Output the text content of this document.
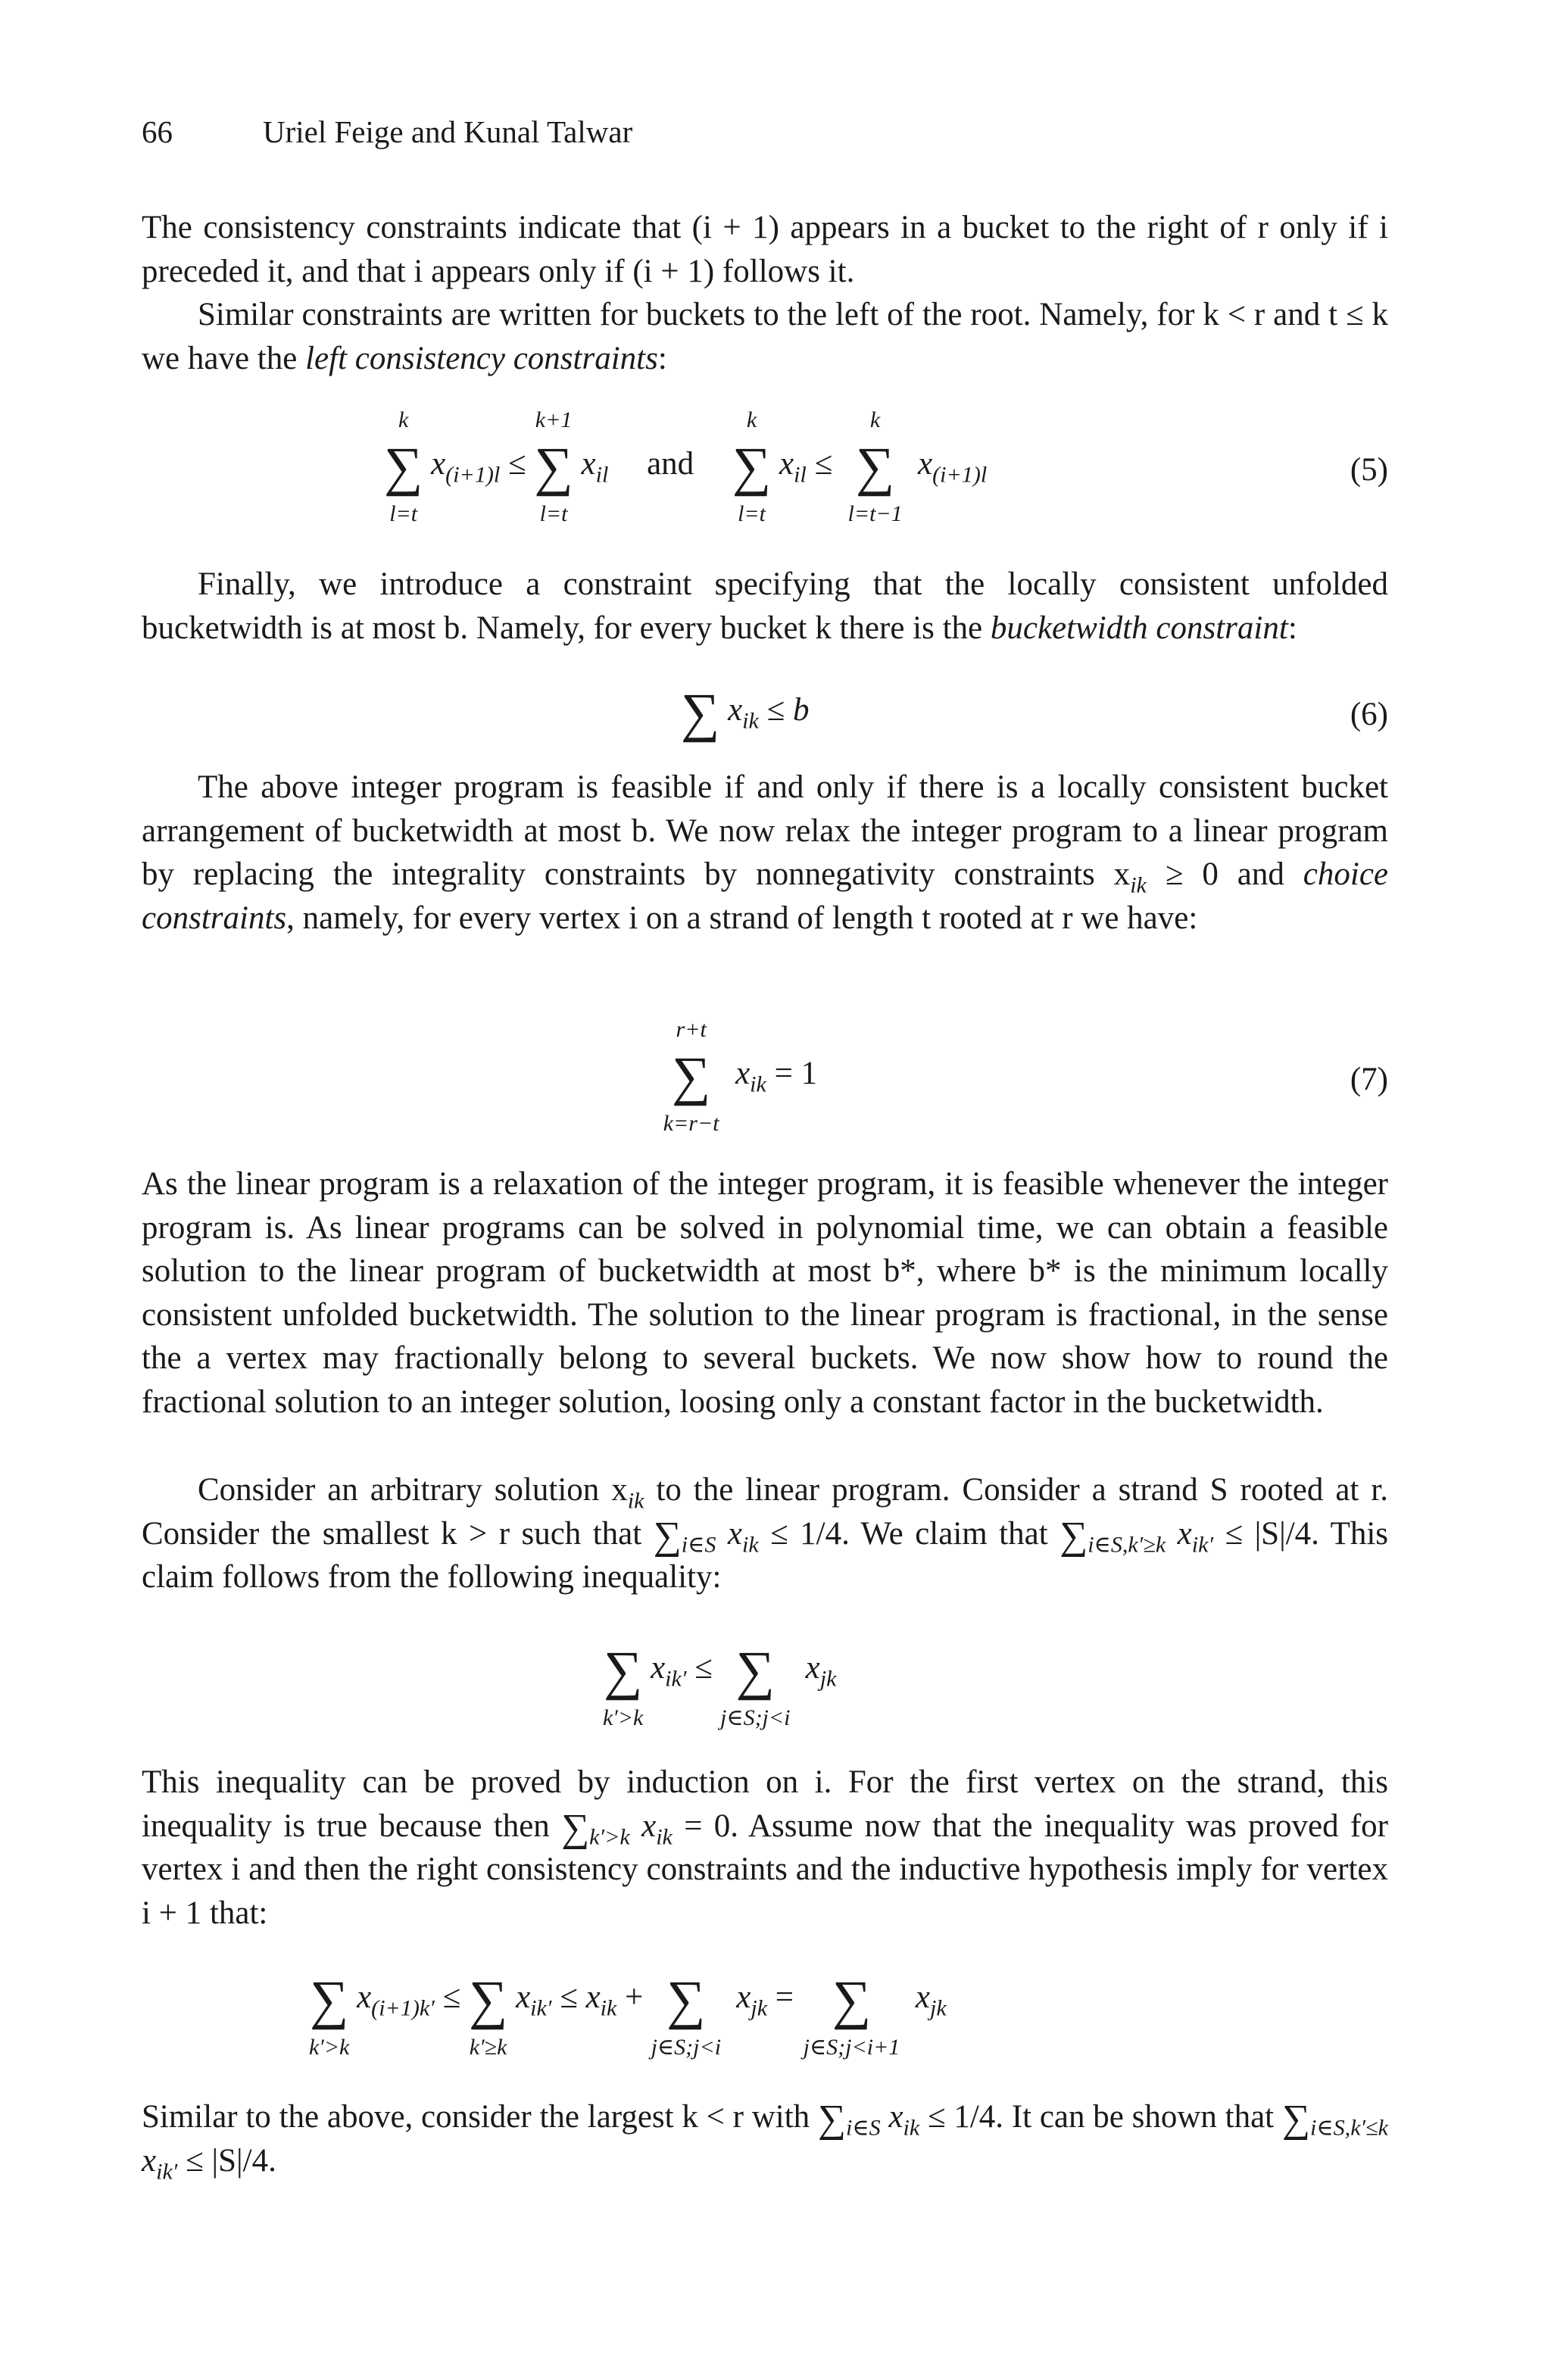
66	Uriel Feige and Kunal Talwar

The consistency constraints indicate that (i + 1) appears in a bucket to the right of r only if i preceded it, and that i appears only if (i + 1) follows it.

Similar constraints are written for buckets to the left of the root. Namely, for k < r and t ≤ k we have the left consistency constraints:

k
∑
l=t
$x_{(i+1)l}$ ≤
k+1
∑
l=t
$x_{il}$ and
k
∑
l=t
$x_{il}$ ≤
k
∑
l=t−1
$x_{(i+1)l}$	(5)

Finally, we introduce a constraint specifying that the locally consistent unfolded bucketwidth is at most b. Namely, for every bucket k there is the bucketwidth constraint:

∑ $x_{ik} \le b$	(6)

The above integer program is feasible if and only if there is a locally consistent bucket arrangement of bucketwidth at most b. We now relax the integer program to a linear program by replacing the integrality constraints by nonnegativity constraints $x_{ik} \ge 0$ and choice constraints, namely, for every vertex i on a strand of length t rooted at r we have:

r+t
∑
k=r−t
$x_{ik} = 1$	(7)

As the linear program is a relaxation of the integer program, it is feasible whenever the integer program is. As linear programs can be solved in polynomial time, we can obtain a feasible solution to the linear program of bucketwidth at most b*, where b* is the minimum locally consistent unfolded bucketwidth. The solution to the linear program is fractional, in the sense the a vertex may fractionally belong to several buckets. We now show how to round the fractional solution to an integer solution, loosing only a constant factor in the bucketwidth.

Consider an arbitrary solution $x_{ik}$ to the linear program. Consider a strand S rooted at r. Consider the smallest k > r such that $\sum_{i\in S}$ $x_{ik} \le 1/4$. We claim that $\sum_{i\in S,k'\ge k}$ $x_{ik'} \le |S|/4$. This claim follows from the following inequality:

∑
k′>k
$x_{ik'}$ ≤ ∑
j∈S;j<i
$x_{jk}$

This inequality can be proved by induction on i. For the first vertex on the strand, this inequality is true because then $\sum_{k'>k}$ $x_{ik} = 0$. Assume now that the inequality was proved for vertex i and then the right consistency constraints and the inductive hypothesis imply for vertex i + 1 that:

∑
k′>k
$x_{(i+1)k'}$ ≤ ∑
k′≥k
$x_{ik'} \le x_{ik}$ + ∑
j∈S;j<i
$x_{jk}$ = ∑
j∈S;j<i+1
$x_{jk}$

Similar to the above, consider the largest k < r with $\sum_{i\in S}$ $x_{ik} \le 1/4$. It can be shown that $\sum_{i\in S,k'\le k}$ $x_{ik'} \le |S|/4$.
